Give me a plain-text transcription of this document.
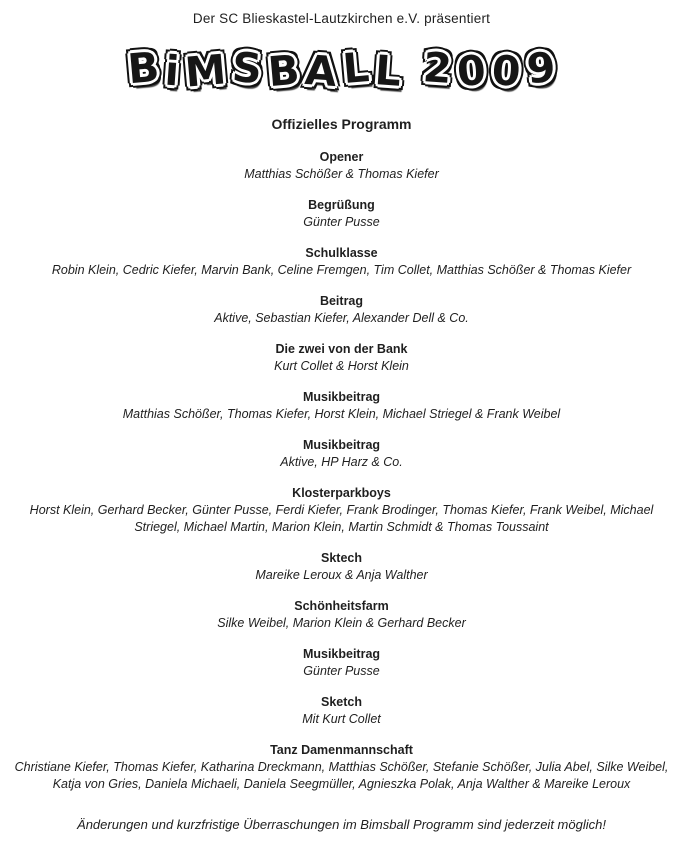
Der SC Blieskastel-Lautzkirchen e.V. präsentiert
BiMSBALL 2009
Offizielles Programm
Opener
Matthias Schößer & Thomas Kiefer
Begrüßung
Günter Pusse
Schulklasse
Robin Klein, Cedric Kiefer, Marvin Bank, Celine Fremgen, Tim Collet, Matthias Schößer & Thomas Kiefer
Beitrag
Aktive, Sebastian Kiefer, Alexander Dell & Co.
Die zwei von der Bank
Kurt Collet & Horst Klein
Musikbeitrag
Matthias Schößer, Thomas Kiefer, Horst Klein, Michael Striegel & Frank Weibel
Musikbeitrag
Aktive, HP Harz & Co.
Klosterparkboys
Horst Klein, Gerhard Becker, Günter Pusse, Ferdi Kiefer, Frank Brodinger, Thomas Kiefer, Frank Weibel, Michael Striegel, Michael Martin, Marion Klein, Martin Schmidt & Thomas Toussaint
Sktech
Mareike Leroux & Anja Walther
Schönheitsfarm
Silke Weibel, Marion Klein & Gerhard Becker
Musikbeitrag
Günter Pusse
Sketch
Mit Kurt Collet
Tanz Damenmannschaft
Christiane Kiefer, Thomas Kiefer, Katharina Dreckmann, Matthias Schößer, Stefanie Schößer, Julia Abel, Silke Weibel, Katja von Gries, Daniela Michaeli, Daniela Seegmüller, Agnieszka Polak, Anja Walther & Mareike Leroux
Änderungen und kurzfristige Überraschungen im Bimsball Programm sind jederzeit möglich!
